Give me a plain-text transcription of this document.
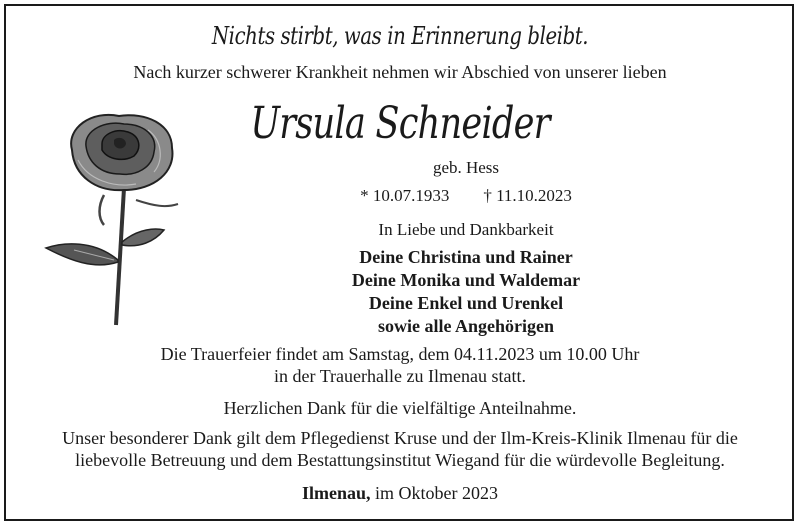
Nichts stirbt, was in Erinnerung bleibt.
Nach kurzer schwerer Krankheit nehmen wir Abschied von unserer lieben
Ursula Schneider
geb. Hess
* 10.07.1933 † 11.10.2023
In Liebe und Dankbarkeit
Deine Christina und Rainer
Deine Monika und Waldemar
Deine Enkel und Urenkel
sowie alle Angehörigen
Die Trauerfeier findet am Samstag, dem 04.11.2023 um 10.00 Uhr
in der Trauerhalle zu Ilmenau statt.
Herzlichen Dank für die vielfältige Anteilnahme.
Unser besonderer Dank gilt dem Pflegedienst Kruse und der Ilm-Kreis-Klinik Ilmenau für die
liebevolle Betreuung und dem Bestattungsinstitut Wiegand für die würdevolle Begleitung.
Ilmenau, im Oktober 2023
